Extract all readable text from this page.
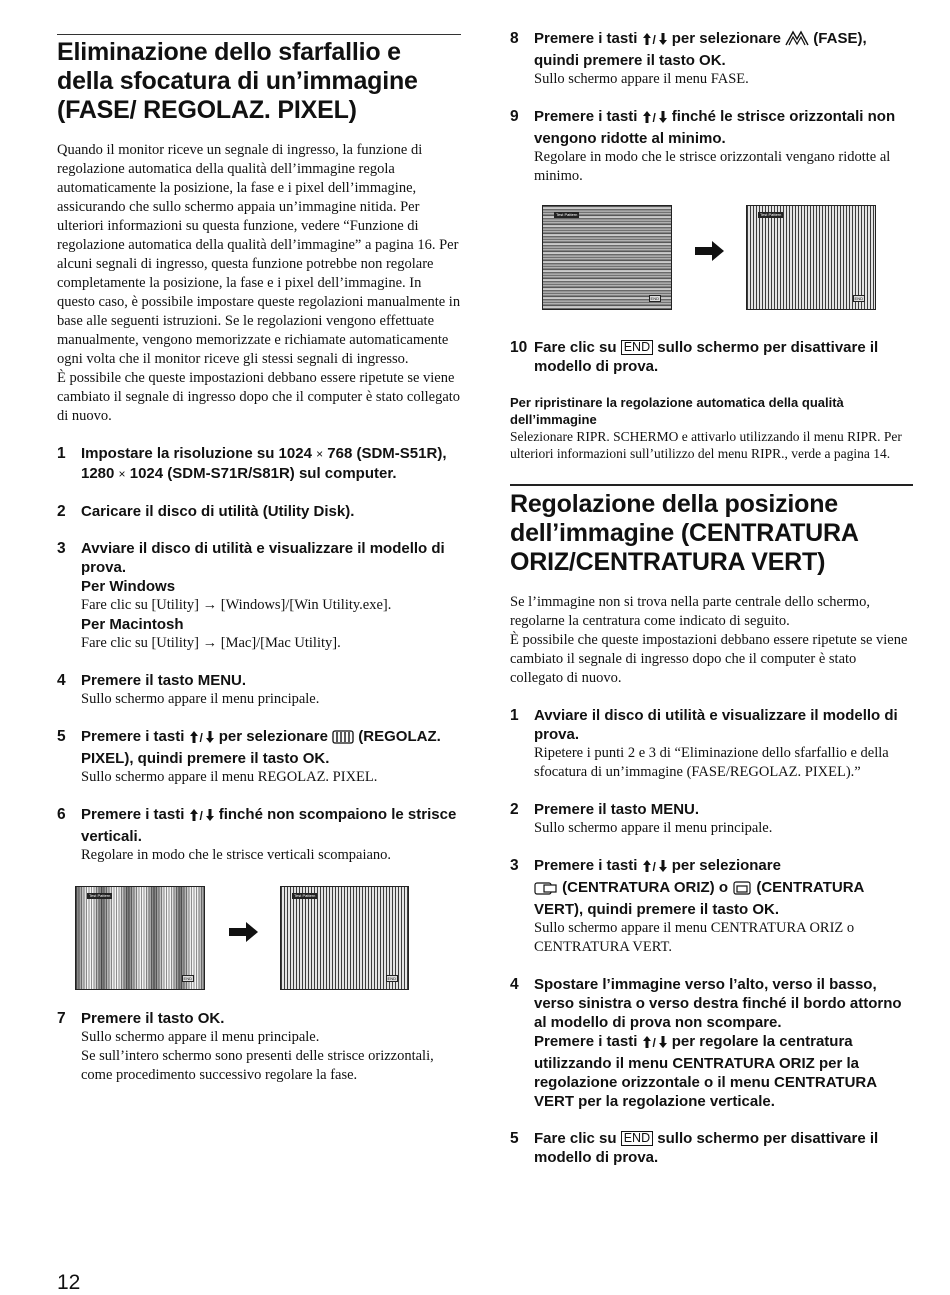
Eliminazione dello sfarfallio e della sfocatura di un’immagine (FASE/ REGOLAZ. PIXEL)

Quando il monitor riceve un segnale di ingresso, la funzione di regolazione automatica della qualità dell’immagine regola automaticamente la posizione, la fase e i pixel dell’immagine, assicurando che sullo schermo appaia un’immagine nitida. Per ulteriori informazioni su questa funzione, vedere “Funzione di regolazione automatica della qualità dell’immagine” a pagina 16. Per alcuni segnali di ingresso, questa funzione potrebbe non regolare completamente la posizione, la fase e i pixel dell’immagine. In questo caso, è possibile impostare queste regolazioni manualmente in base alle seguenti istruzioni. Se le regolazioni vengono effettuate manualmente, vengono memorizzate e richiamate automaticamente ogni volta che il monitor riceve gli stessi segnali di ingresso.

È possibile che queste impostazioni debbano essere ripetute se viene cambiato il segnale di ingresso dopo che il computer è stato collegato di nuovo.

1 Impostare la risoluzione su 1024 × 768 (SDM-S51R),
1280 × 1024 (SDM-S71R/S81R) sul computer.
2 Caricare il disco di utilità (Utility Disk).
3 Avviare il disco di utilità e visualizzare il modello di prova.
Per Windows
Fare clic su [Utility] → [Windows]/[Win Utility.exe].
Per Macintosh
Fare clic su [Utility] → [Mac]/[Mac Utility].
4 Premere il tasto MENU.
Sullo schermo appare il menu principale.
5 Premere i tasti / per selezionare (REGOLAZ. PIXEL), quindi premere il tasto OK.
Sullo schermo appare il menu REGOLAZ. PIXEL.
6 Premere i tasti / finché non scompaiono le strisce verticali.
Regolare in modo che le strisce verticali scompaiano.
Test Pattern
END
Test Pattern
END
7 Premere il tasto OK.
Sullo schermo appare il menu principale.
Se sull’intero schermo sono presenti delle strisce orizzontali, come procedimento successivo regolare la fase.
8 Premere i tasti / per selezionare (FASE), quindi premere il tasto OK.
Sullo schermo appare il menu FASE.
9 Premere i tasti / finché le strisce orizzontali non vengono ridotte al minimo.
Regolare in modo che le strisce orizzontali vengano ridotte al minimo.
Test Pattern
END
Test Pattern
END
10 Fare clic su END sullo schermo per disattivare il modello di prova.
Per ripristinare la regolazione automatica della qualità dell’immagine
Selezionare RIPR. SCHERMO e attivarlo utilizzando il menu RIPR. Per ulteriori informazioni sull’utilizzo del menu RIPR., verde a pagina 14.
Regolazione della posizione dell’immagine (CENTRATURA ORIZ/CENTRATURA VERT)

Se l’immagine non si trova nella parte centrale dello schermo, regolarne la centratura come indicato di seguito.

È possibile che queste impostazioni debbano essere ripetute se viene cambiato il segnale di ingresso dopo che il computer è stato collegato di nuovo.

1 Avviare il disco di utilità e visualizzare il modello di prova.
Ripetere i punti 2 e 3 di “Eliminazione dello sfarfallio e della sfocatura di un’immagine (FASE/REGOLAZ. PIXEL).”
2 Premere il tasto MENU.
Sullo schermo appare il menu principale.
3 Premere i tasti / per selezionare
(CENTRATURA ORIZ) o (CENTRATURA VERT), quindi premere il tasto OK.
Sullo schermo appare il menu CENTRATURA ORIZ o CENTRATURA VERT.
4 Spostare l’immagine verso l’alto, verso il basso, verso sinistra o verso destra finché il bordo attorno al modello di prova non scompare.
Premere i tasti / per regolare la centratura utilizzando il menu CENTRATURA ORIZ per la regolazione orizzontale o il menu CENTRATURA VERT per la regolazione verticale.
5 Fare clic su END sullo schermo per disattivare il modello di prova.
12
